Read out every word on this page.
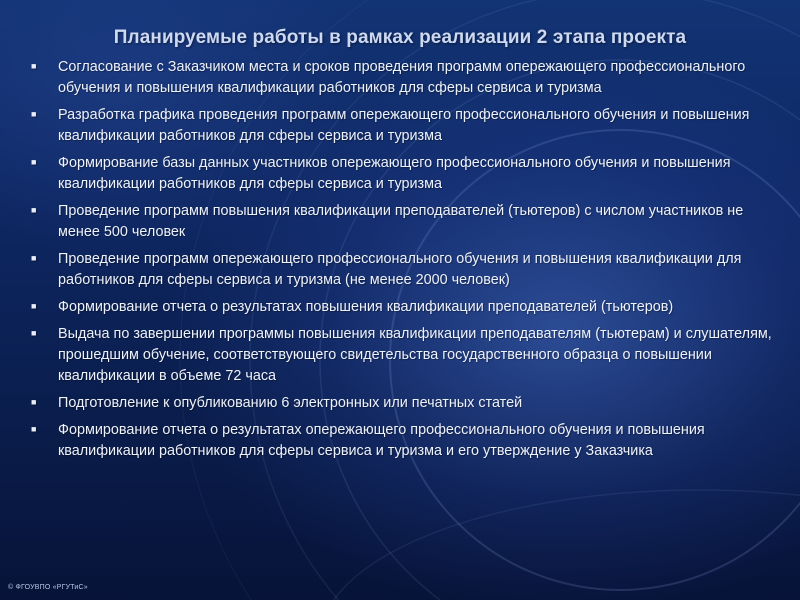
Планируемые работы в рамках реализации 2 этапа проекта
■ Согласование с Заказчиком места и сроков проведения программ опережающего профессионального обучения и повышения квалификации работников для сферы сервиса и туризма
■ Разработка графика проведения программ опережающего профессионального обучения и повышения квалификации работников для сферы сервиса и туризма
■ Формирование базы данных участников опережающего профессионального обучения и повышения квалификации работников для сферы сервиса и туризма
■ Проведение программ повышения квалификации преподавателей (тьютеров) с числом участников не менее 500 человек
■ Проведение программ опережающего профессионального обучения и повышения квалификации для работников для сферы сервиса и туризма (не менее 2000 человек)
■ Формирование отчета о результатах повышения квалификации преподавателей (тьютеров)
■ Выдача по завершении программы повышения квалификации преподавателям (тьютерам) и слушателям, прошедшим обучение, соответствующего свидетельства государственного образца о повышении квалификации в объеме 72 часа
■ Подготовление к опубликованию 6 электронных или печатных статей
■ Формирование отчета о результатах опережающего профессионального обучения и повышения квалификации работников для сферы сервиса и туризма и его утверждение у Заказчика
© ФГОУВПО «РГУТиС»
